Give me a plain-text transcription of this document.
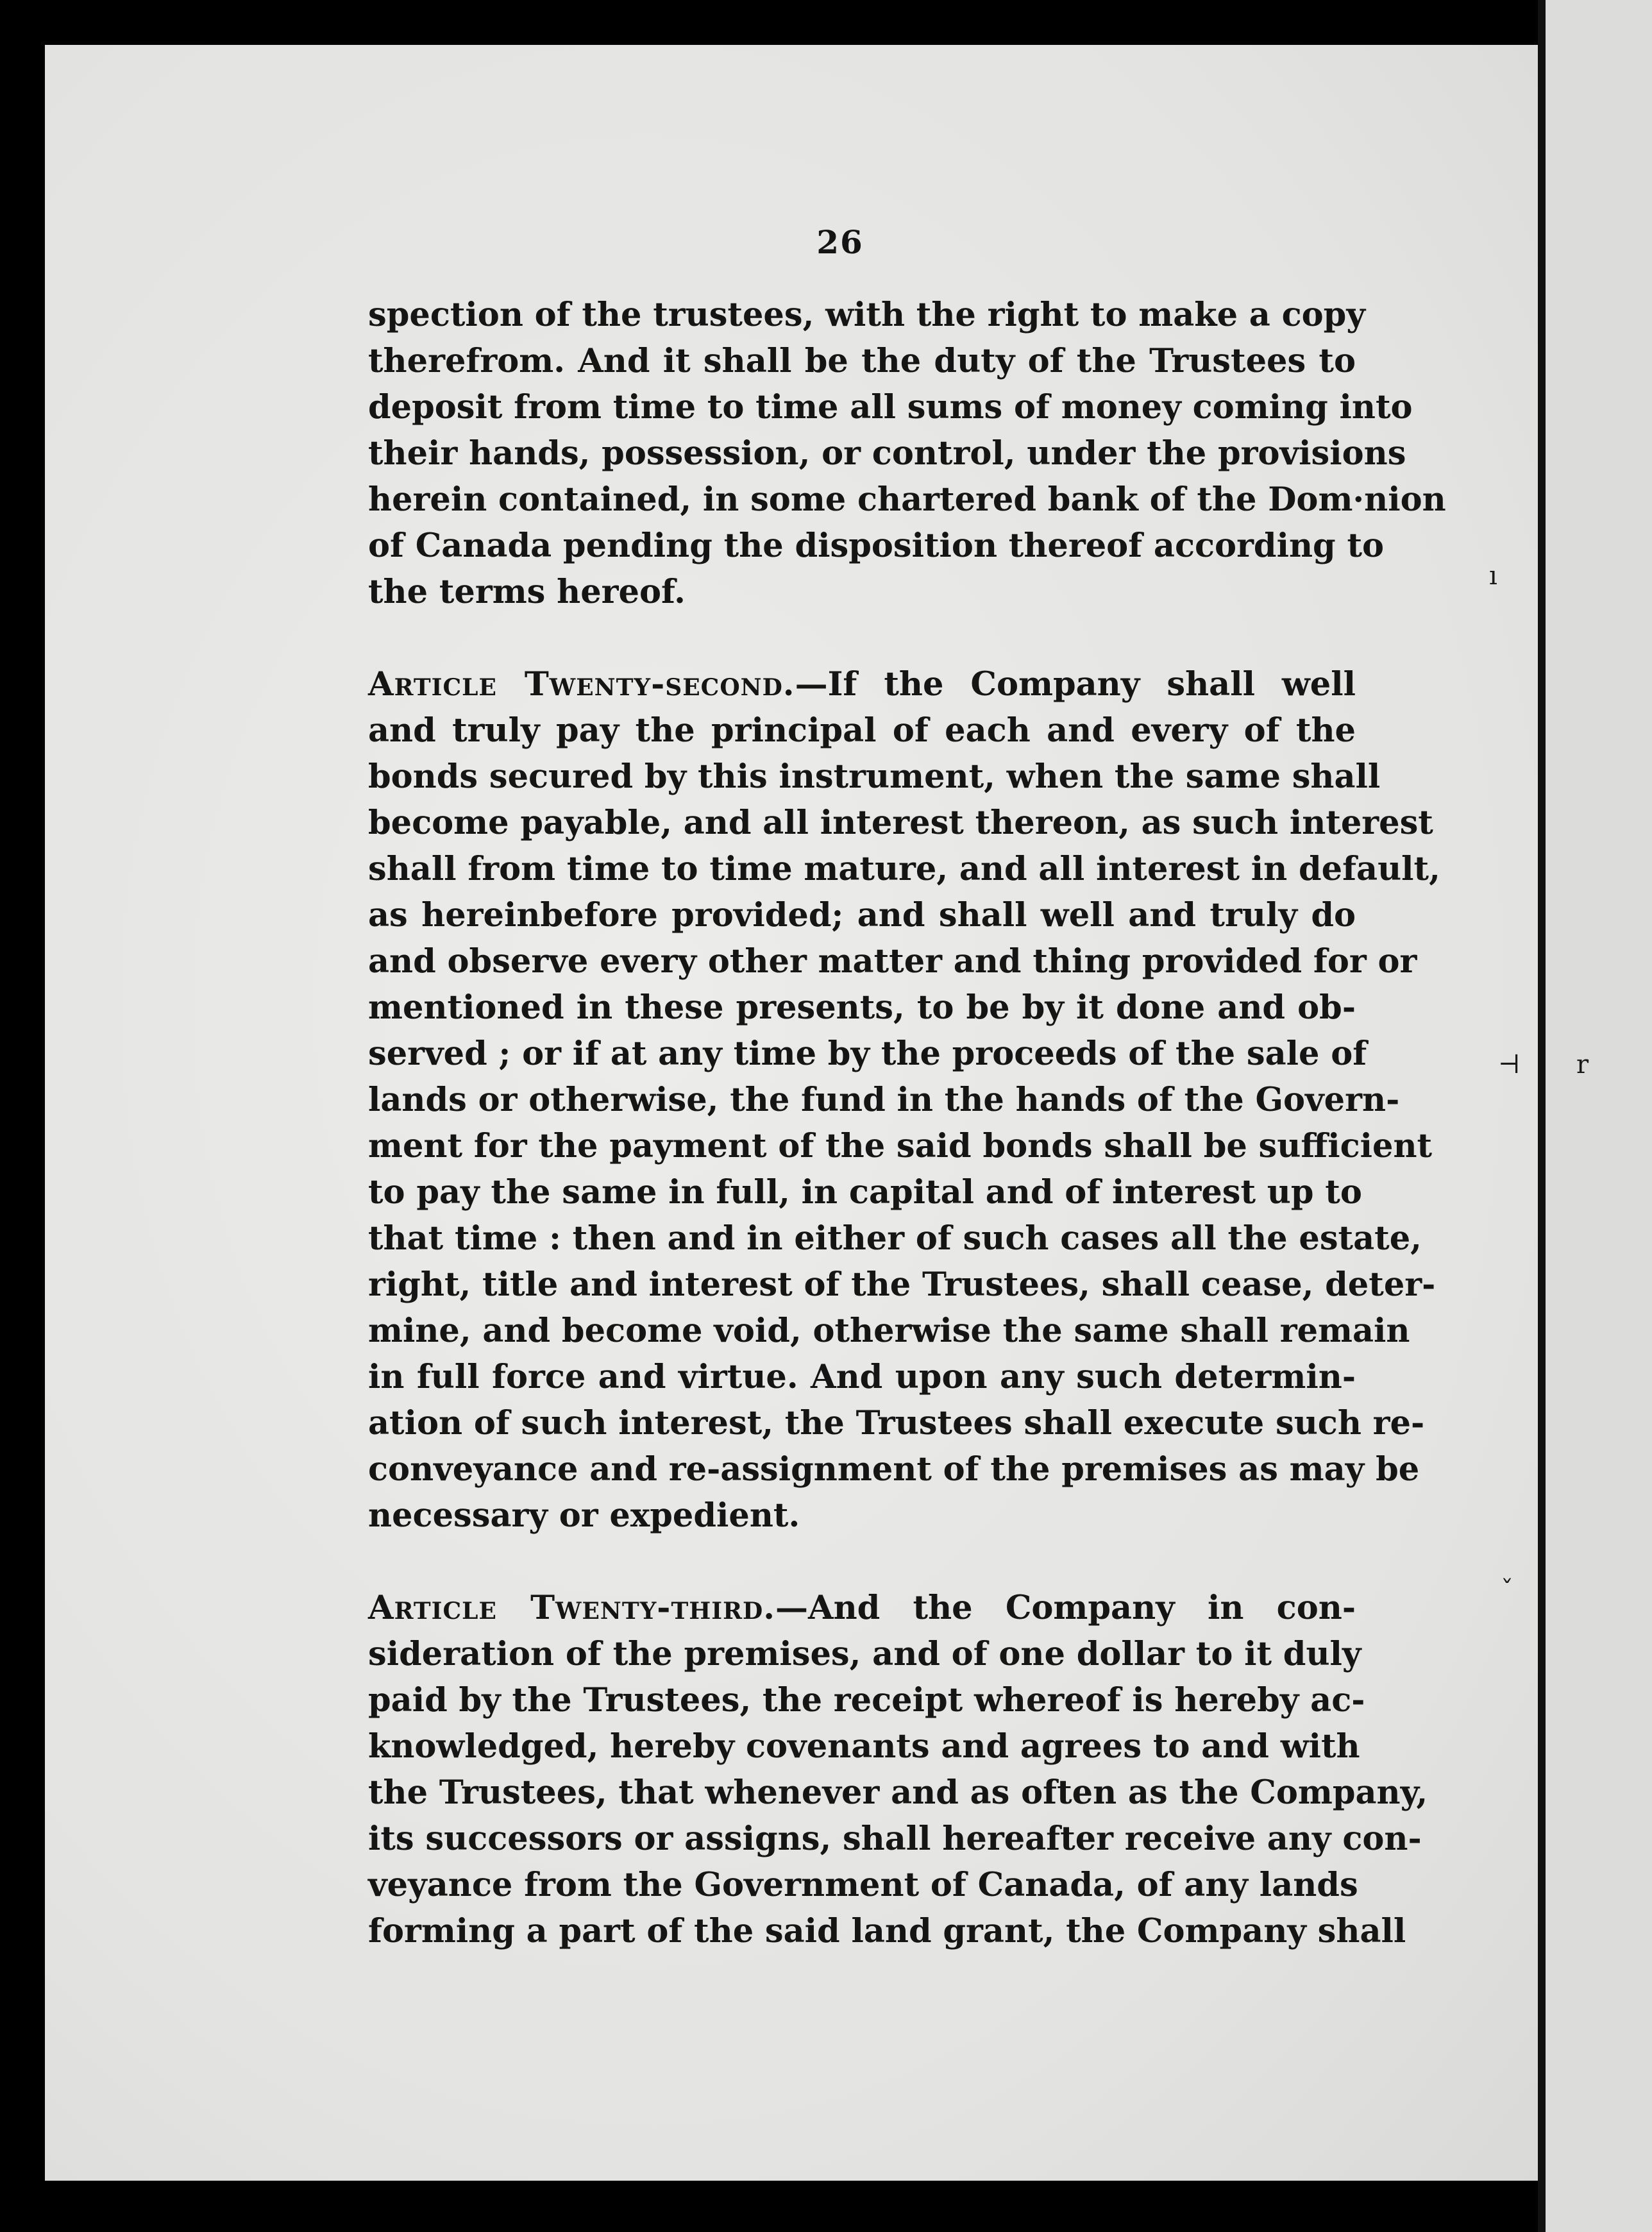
ı
⊣ r
ˇ
26
spection of the trustees, with the right to make a copy
therefrom. And it shall be the duty of the Trustees to
deposit from time to time all sums of money coming into
their hands, possession, or control, under the provisions
herein contained, in some chartered bank of the Dom·nion
of Canada pending the disposition thereof according to
the terms hereof.
Article Twenty-second.—If the Company shall well
and truly pay the principal of each and every of the
bonds secured by this instrument, when the same shall
become payable, and all interest thereon, as such interest
shall from time to time mature, and all interest in default,
as hereinbefore provided; and shall well and truly do
and observe every other matter and thing provided for or
mentioned in these presents, to be by it done and ob-
served ; or if at any time by the proceeds of the sale of
lands or otherwise, the fund in the hands of the Govern-
ment for the payment of the said bonds shall be sufficient
to pay the same in full, in capital and of interest up to
that time : then and in either of such cases all the estate,
right, title and interest of the Trustees, shall cease, deter-
mine, and become void, otherwise the same shall remain
in full force and virtue. And upon any such determin-
ation of such interest, the Trustees shall execute such re-
conveyance and re-assignment of the premises as may be
necessary or expedient.
Article Twenty-third.—And the Company in con-
sideration of the premises, and of one dollar to it duly
paid by the Trustees, the receipt whereof is hereby ac-
knowledged, hereby covenants and agrees to and with
the Trustees, that whenever and as often as the Company,
its successors or assigns, shall hereafter receive any con-
veyance from the Government of Canada, of any lands
forming a part of the said land grant, the Company shall
